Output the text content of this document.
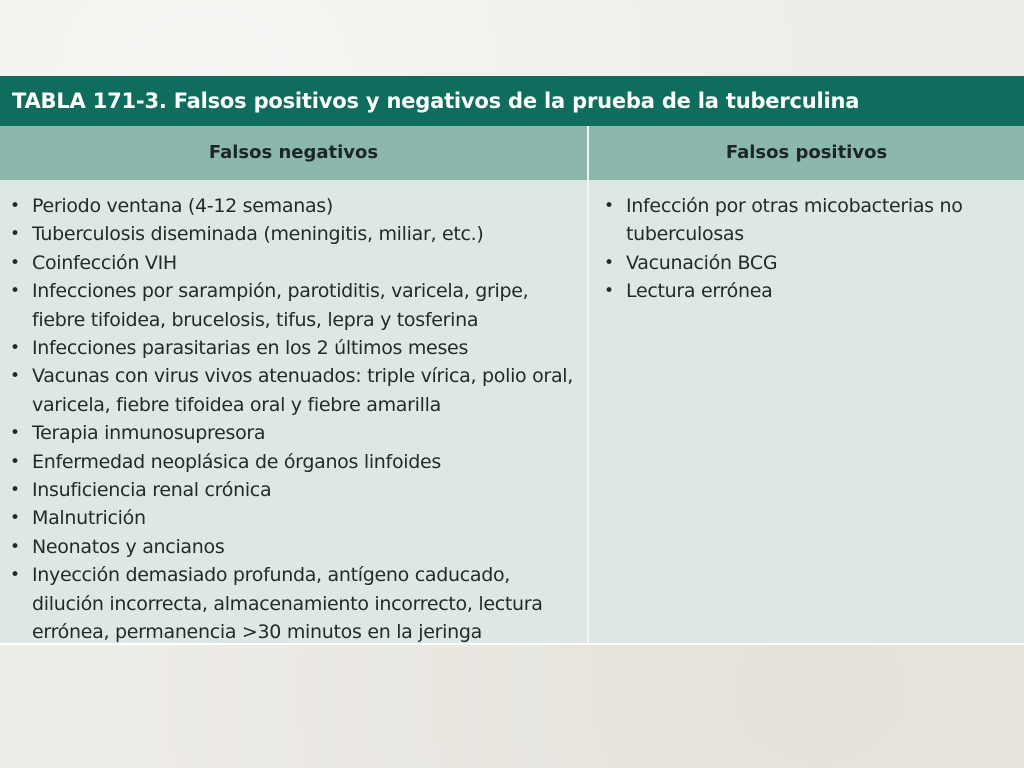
TABLA 171-3. Falsos positivos y negativos de la prueba de la tuberculina
Falsos negativos	Falsos positivos
• Periodo ventana (4-12 semanas)
• Tuberculosis diseminada (meningitis, miliar, etc.)
• Coinfección VIH
• Infecciones por sarampión, parotiditis, varicela, gripe, fiebre tifoidea, brucelosis, tifus, lepra y tosferina
• Infecciones parasitarias en los 2 últimos meses
• Vacunas con virus vivos atenuados: triple vírica, polio oral, varicela, fiebre tifoidea oral y fiebre amarilla
• Terapia inmunosupresora
• Enfermedad neoplásica de órganos linfoides
• Insuficiencia renal crónica
• Malnutrición
• Neonatos y ancianos
• Inyección demasiado profunda, antígeno caducado, dilución incorrecta, almacenamiento incorrecto, lectura errónea, permanencia >30 minutos en la jeringa
• Infección por otras micobacterias no tuberculosas
• Vacunación BCG
• Lectura errónea
